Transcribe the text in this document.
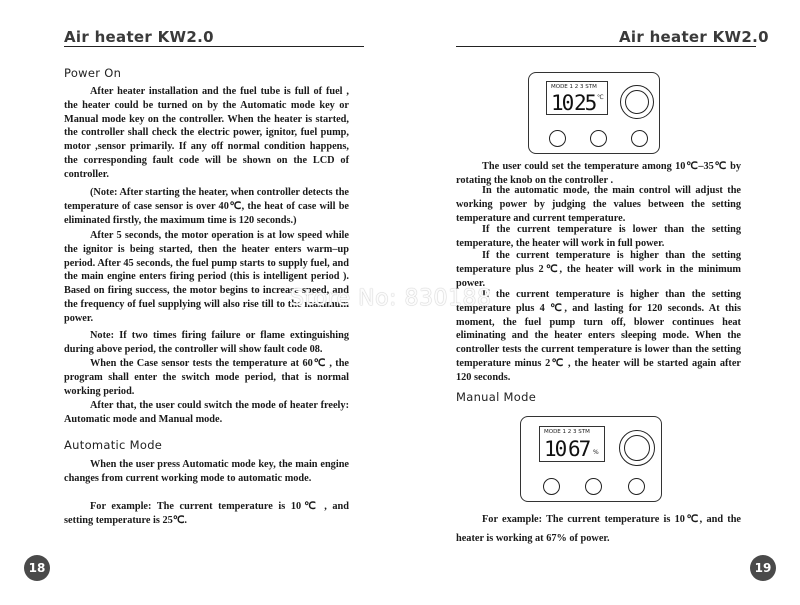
Air heater KW2.0
Power On
After heater installation and the fuel tube is full of fuel , the heater could be turned on by the Automatic mode key or Manual mode key on the controller. When the heater is started, the controller shall check the electric power, ignitor, fuel pump, motor ,sensor primarily. If any off normal condition happens, the corresponding fault code will be shown on the LCD of controller.
(Note: After starting the heater, when controller detects the temperature of case sensor is over 40℃, the heat of case will be eliminated firstly, the maximum time is 120 seconds.)
After 5 seconds, the motor operation is at low speed while the ignitor is being started, then the heater enters warm–up period. After 45 seconds, the fuel pump starts to supply fuel, and the main engine enters firing period (this is intelligent period ). Based on firing success, the motor begins to increase speed, and the frequency of fuel supplying will also rise till to the maximum power.
Note: If two times firing failure or flame extinguishing during above period, the controller will show fault code 08.
When the Case sensor tests the temperature at 60℃ , the program shall enter the switch mode period, that is normal working period.
After that, the user could switch the mode of heater freely: Automatic mode and Manual mode.
Automatic Mode
When the user press Automatic mode key, the main engine changes from current working mode to automatic mode.
For example: The current temperature is 10℃ , and setting temperature is 25℃.
18
Air heater KW2.0
MODE 1 2 3 STM
10 25 ℃
The user could set the temperature among 10℃–35℃ by rotating the knob on the controller .
In the automatic mode, the main control will adjust the working power by judging the values between the setting temperature and current temperature.
If the current temperature is lower than the setting temperature, the heater will work in full power.
If the current temperature is higher than the setting temperature plus 2℃, the heater will work in the minimum power.
If the current temperature is higher than the setting temperature plus 4 ℃, and lasting for 120 seconds. At this moment, the fuel pump turn off, blower continues heat eliminating and the heater enters sleeping mode. When the controller tests the current temperature is lower than the setting temperature minus 2℃ , the heater will be started again after 120 seconds.
Manual Mode
MODE 1 2 3 STM
10 67 %
For example: The current temperature is 10℃, and the heater is working at 67% of power.
19
Store No: 830188
